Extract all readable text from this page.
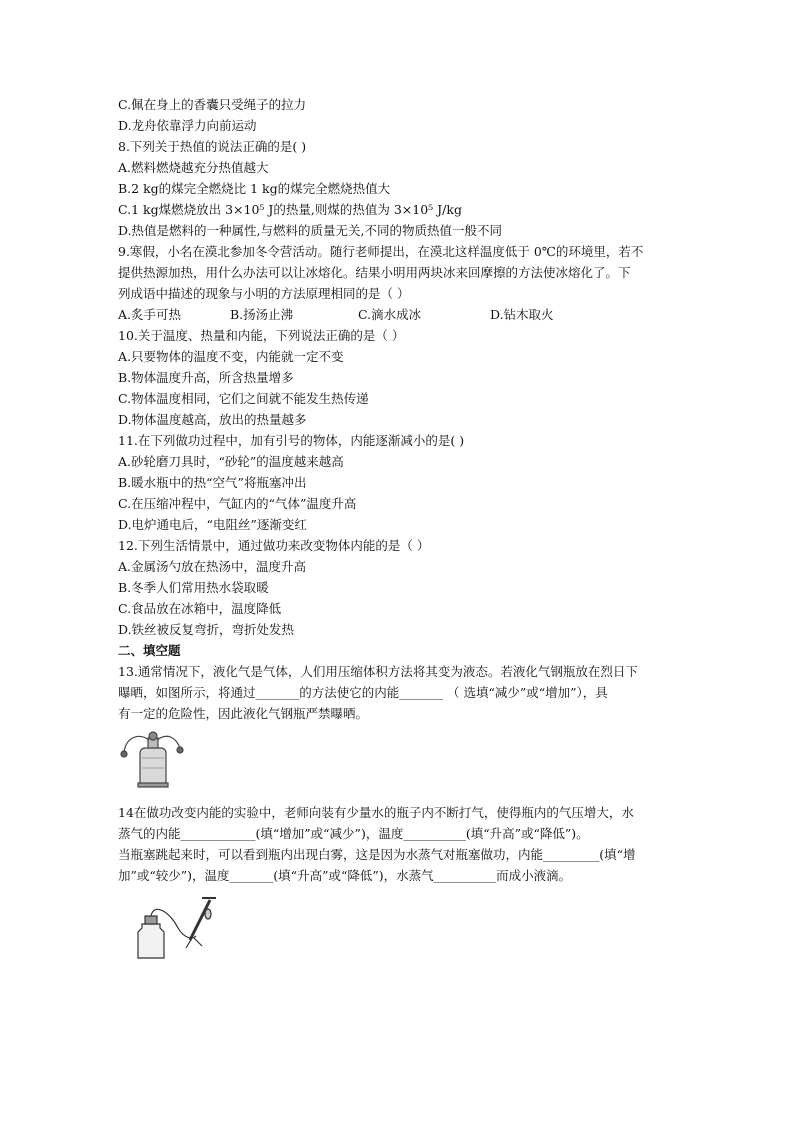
C.佩在身上的香囊只受绳子的拉力
D.龙舟依靠浮力向前运动
8.下列关于热值的说法正确的是( )
A.燃料燃烧越充分热值越大
B.2 kg的煤完全燃烧比 1 kg的煤完全燃烧热值大
C.1 kg煤燃烧放出 3×10⁵ J的热量,则煤的热值为 3×10⁵ J/kg
D.热值是燃料的一种属性,与燃料的质量无关,不同的物质热值一般不同
9.寒假，小名在漠北参加冬令营活动。随行老师提出，在漠北这样温度低于 0℃的环境里，若不
提供热源加热，用什么办法可以让冰熔化。结果小明用两块冰来回摩擦的方法使冰熔化了。下
列成语中描述的现象与小明的方法原理相同的是（ ）
A.炙手可热	B.扬汤止沸	C.滴水成冰	D.钻木取火
10.关于温度、热量和内能，下列说法正确的是（ ）
A.只要物体的温度不变，内能就一定不变
B.物体温度升高，所含热量增多
C.物体温度相同，它们之间就不能发生热传递
D.物体温度越高，放出的热量越多
11.在下列做功过程中，加有引号的物体，内能逐渐减小的是( )
A.砂轮磨刀具时，“砂轮”的温度越来越高
B.暖水瓶中的热“空气”将瓶塞冲出
C.在压缩冲程中，气缸内的“气体”温度升高
D.电炉通电后，“电阻丝”逐渐变红
12.下列生活情景中，通过做功来改变物体内能的是（ ）
A.金属汤勺放在热汤中，温度升高
B.冬季人们常用热水袋取暖
C.食品放在冰箱中，温度降低
D.铁丝被反复弯折，弯折处发热
二、填空题
13.通常情况下，液化气是气体，人们用压缩体积方法将其变为液态。若液化气钢瓶放在烈日下
曝晒，如图所示，将通过_______的方法使它的内能_______ （ 选填“减少”或“增加”），具
有一定的危险性，因此液化气钢瓶严禁曝晒。
14在做功改变内能的实验中，老师向装有少量水的瓶子内不断打气，使得瓶内的气压增大，水
蒸气的内能____________(填“增加”或“减少”)，温度__________(填“升高”或“降低”)。
当瓶塞跳起来时，可以看到瓶内出现白雾，这是因为水蒸气对瓶塞做功，内能_________(填“增
加”或“较少”)，温度_______(填“升高”或“降低”)，水蒸气__________而成小液滴。
